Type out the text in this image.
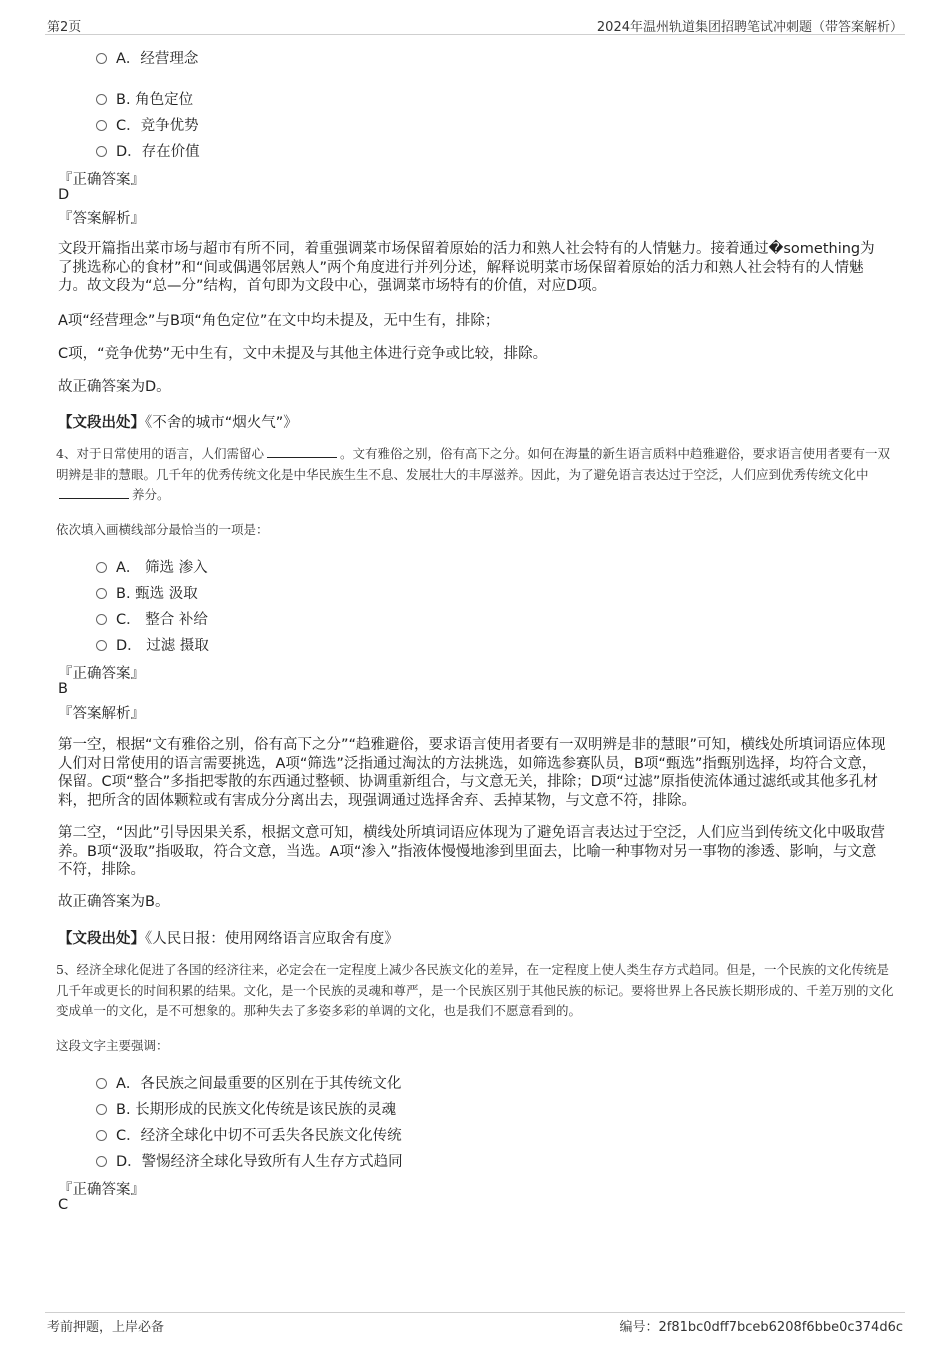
第2页	2024年温州轨道集团招聘笔试冲刺题（带答案解析）
A．经营理念
B. 角色定位
C．竞争优势
D．存在价值
『正确答案』
D
『答案解析』
文段开篇指出菜市场与超市有所不同，着重强调菜市场保留着原始的活力和熟人社会特有的人情魅力。接着通过�something为了挑选称心的食材”和“间或偶遇邻居熟人”两个角度进行并列分述，解释说明菜市场保留着原始的活力和熟人社会特有的人情魅力。故文段为“总—分”结构，首句即为文段中心，强调菜市场特有的价值，对应D项。
A项“经营理念”与B项“角色定位”在文中均未提及，无中生有，排除；
C项，“竞争优势”无中生有，文中未提及与其他主体进行竞争或比较，排除。
故正确答案为D。
【文段出处】《不舍的城市“烟火气”》
4、对于日常使用的语言，人们需留心	。文有雅俗之别，俗有高下之分。如何在海量的新生语言质料中趋雅避俗，要求语言使用者要有一双明辨是非的慧眼。几千年的优秀传统文化是中华民族生生不息、发展壮大的丰厚滋养。因此，为了避免语言表达过于空泛，人们应到优秀传统文化中养分。
依次填入画横线部分最恰当的一项是：
A． 筛选 渗入
B. 甄选 汲取
C． 整合 补给
D． 过滤 摄取
『正确答案』
B
『答案解析』
第一空，根据“文有雅俗之别，俗有高下之分”“趋雅避俗，要求语言使用者要有一双明辨是非的慧眼”可知，横线处所填词语应体现人们对日常使用的语言需要挑选，A项“筛选”泛指通过淘汰的方法挑选，如筛选参赛队员，B项“甄选”指甄别选择，均符合文意，保留。C项“整合”多指把零散的东西通过整顿、协调重新组合，与文意无关，排除；D项“过滤”原指使流体通过滤纸或其他多孔材料，把所含的固体颗粒或有害成分分离出去，现强调通过选择舍弃、丢掉某物，与文意不符，排除。
第二空，“因此”引导因果关系，根据文意可知，横线处所填词语应体现为了避免语言表达过于空泛，人们应当到传统文化中吸取营养。B项“汲取”指吸取，符合文意，当选。A项“渗入”指液体慢慢地渗到里面去，比喻一种事物对另一事物的渗透、影响，与文意不符，排除。
故正确答案为B。
【文段出处】《人民日报：使用网络语言应取舍有度》
5、经济全球化促进了各国的经济往来，必定会在一定程度上减少各民族文化的差异，在一定程度上使人类生存方式趋同。但是，一个民族的文化传统是几千年或更长的时间积累的结果。文化，是一个民族的灵魂和尊严，是一个民族区别于其他民族的标记。要将世界上各民族长期形成的、千差万别的文化变成单一的文化，是不可想象的。那种失去了多姿多彩的单调的文化，也是我们不愿意看到的。
这段文字主要强调：
A．各民族之间最重要的区别在于其传统文化
B. 长期形成的民族文化传统是该民族的灵魂
C．经济全球化中切不可丢失各民族文化传统
D．警惕经济全球化导致所有人生存方式趋同
『正确答案』
C
考前押题，上岸必备	编号：2f81bc0dff7bceb6208f6bbe0c374d6c
